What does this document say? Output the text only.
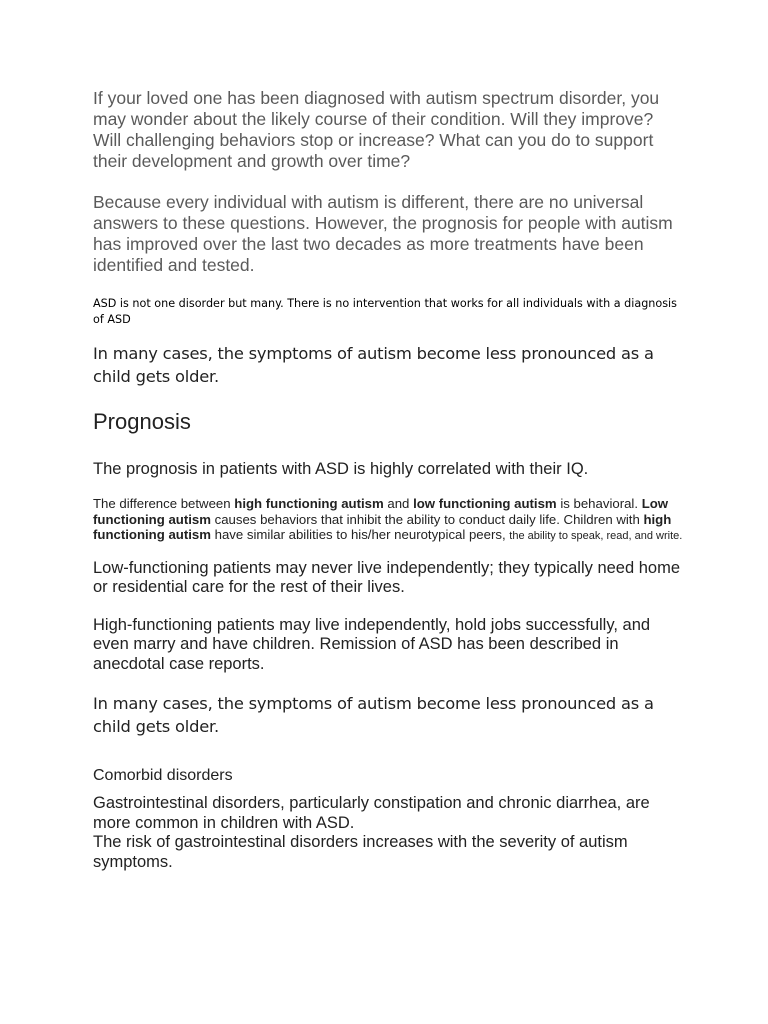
If your loved one has been diagnosed with autism spectrum disorder, you may wonder about the likely course of their condition. Will they improve? Will challenging behaviors stop or increase? What can you do to support their development and growth over time?

Because every individual with autism is different, there are no universal answers to these questions. However, the prognosis for people with autism has improved over the last two decades as more treatments have been identified and tested.

ASD is not one disorder but many. There is no intervention that works for all individuals with a diagnosis of ASD

In many cases, the symptoms of autism become less pronounced as a child gets older.

Prognosis

The prognosis in patients with ASD is highly correlated with their IQ.

The difference between high functioning autism and low functioning autism is behavioral. Low functioning autism causes behaviors that inhibit the ability to conduct daily life. Children with high functioning autism have similar abilities to his/her neurotypical peers, the ability to speak, read, and write.

Low-functioning patients may never live independently; they typically need home or residential care for the rest of their lives.

High-functioning patients may live independently, hold jobs successfully, and even marry and have children. Remission of ASD has been described in anecdotal case reports.

In many cases, the symptoms of autism become less pronounced as a child gets older.

Comorbid disorders

Gastrointestinal disorders, particularly constipation and chronic diarrhea, are more common in children with ASD.

The risk of gastrointestinal disorders increases with the severity of autism symptoms.
